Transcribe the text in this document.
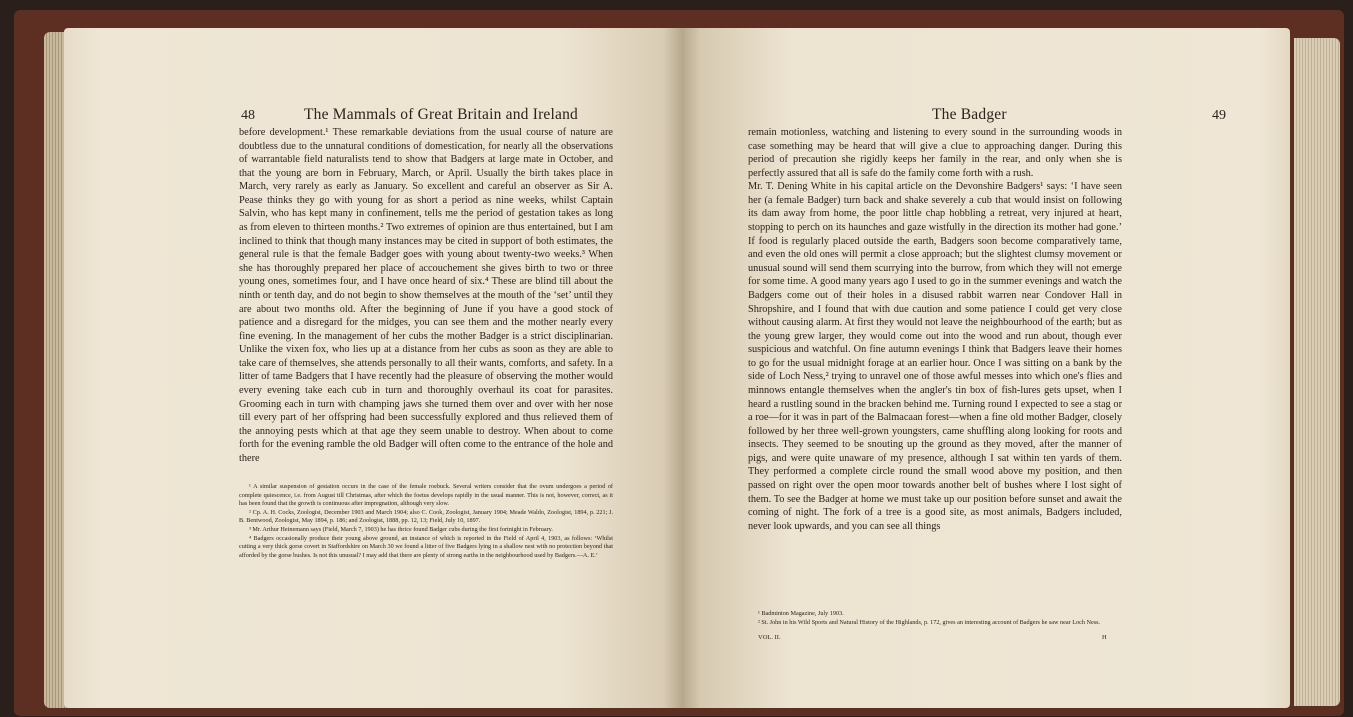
48	The Mammals of Great Britain and Ireland

before development.¹ These remarkable deviations from the usual course of nature are doubtless due to the unnatural conditions of domestication, for nearly all the observations of warrantable field naturalists tend to show that Badgers at large mate in October, and that the young are born in February, March, or April. Usually the birth takes place in March, very rarely as early as January. So excellent and careful an observer as Sir A. Pease thinks they go with young for as short a period as nine weeks, whilst Captain Salvin, who has kept many in confinement, tells me the period of gestation takes as long as from eleven to thirteen months.² Two extremes of opinion are thus entertained, but I am inclined to think that though many instances may be cited in support of both estimates, the general rule is that the female Badger goes with young about twenty-two weeks.³ When she has thoroughly prepared her place of accouchement she gives birth to two or three young ones, sometimes four, and I have once heard of six.⁴ These are blind till about the ninth or tenth day, and do not begin to show themselves at the mouth of the ‘set’ until they are about two months old. After the beginning of June if you have a good stock of patience and a disregard for the midges, you can see them and the mother nearly every fine evening. In the management of her cubs the mother Badger is a strict disciplinarian. Unlike the vixen fox, who lies up at a distance from her cubs as soon as they are able to take care of themselves, she attends personally to all their wants, comforts, and safety. In a litter of tame Badgers that I have recently had the pleasure of observing the mother would every evening take each cub in turn and thoroughly overhaul its coat for parasites. Grooming each in turn with champing jaws she turned them over and over with her nose till every part of her offspring had been successfully explored and thus relieved them of the annoying pests which at that age they seem unable to destroy. When about to come forth for the evening ramble the old Badger will often come to the entrance of the hole and there

¹ A similar suspension of gestation occurs in the case of the female roebuck. Several writers consider that the ovum undergoes a period of complete quiescence, i.e. from August till Christmas, after which the foetus develops rapidly in the usual manner. This is not, however, correct, as it has been found that the growth is continuous after impregnation, although very slow.

² Cp. A. H. Cocks, Zoologist, December 1903 and March 1904; also C. Cook, Zoologist, January 1904; Meade Waldo, Zoologist, 1894, p. 221; J. B. Bentwood, Zoologist, May 1894, p. 186; and Zoologist, 1888, pp. 12, 13; Field, July 10, 1897.

³ Mr. Arthur Heinemann says (Field, March 7, 1903) he has thrice found Badger cubs during the first fortnight in February.

⁴ Badgers occasionally produce their young above ground, an instance of which is reported in the Field of April 4, 1903, as follows: ‘Whilst cutting a very thick gorse covert in Staffordshire on March 30 we found a litter of five Badgers lying in a shallow nest with no protection beyond that afforded by the gorse bushes. Is not this unusual? I may add that there are plenty of strong earths in the neighbourhood used by Badgers.—A. E.’

The Badger	49

remain motionless, watching and listening to every sound in the surrounding woods in case something may be heard that will give a clue to approaching danger. During this period of precaution she rigidly keeps her family in the rear, and only when she is perfectly assured that all is safe do the family come forth with a rush.
Mr. T. Dening White in his capital article on the Devonshire Badgers¹ says: ‘I have seen her (a female Badger) turn back and shake severely a cub that would insist on following its dam away from home, the poor little chap hobbling a retreat, very injured at heart, stopping to perch on its haunches and gaze wistfully in the direction its mother had gone.’ If food is regularly placed outside the earth, Badgers soon become comparatively tame, and even the old ones will permit a close approach; but the slightest clumsy movement or unusual sound will send them scurrying into the burrow, from which they will not emerge for some time. A good many years ago I used to go in the summer evenings and watch the Badgers come out of their holes in a disused rabbit warren near Condover Hall in Shropshire, and I found that with due caution and some patience I could get very close without causing alarm. At first they would not leave the neighbourhood of the earth; but as the young grew larger, they would come out into the wood and run about, though ever suspicious and watchful. On fine autumn evenings I think that Badgers leave their homes to go for the usual midnight forage at an earlier hour. Once I was sitting on a bank by the side of Loch Ness,² trying to unravel one of those awful messes into which one's flies and minnows entangle themselves when the angler's tin box of fish-lures gets upset, when I heard a rustling sound in the bracken behind me. Turning round I expected to see a stag or a roe—for it was in part of the Balmacaan forest—when a fine old mother Badger, closely followed by her three well-grown youngsters, came shuffling along looking for roots and insects. They seemed to be snouting up the ground as they moved, after the manner of pigs, and were quite unaware of my presence, although I sat within ten yards of them. They performed a complete circle round the small wood above my position, and then passed on right over the open moor towards another belt of bushes where I lost sight of them. To see the Badger at home we must take up our position before sunset and await the coming of night. The fork of a tree is a good site, as most animals, Badgers included, never look upwards, and you can see all things

¹ Badminton Magazine, July 1903.

² St. John in his Wild Sports and Natural History of the Highlands, p. 172, gives an interesting account of Badgers he saw near Loch Ness.

VOL. II.	H
